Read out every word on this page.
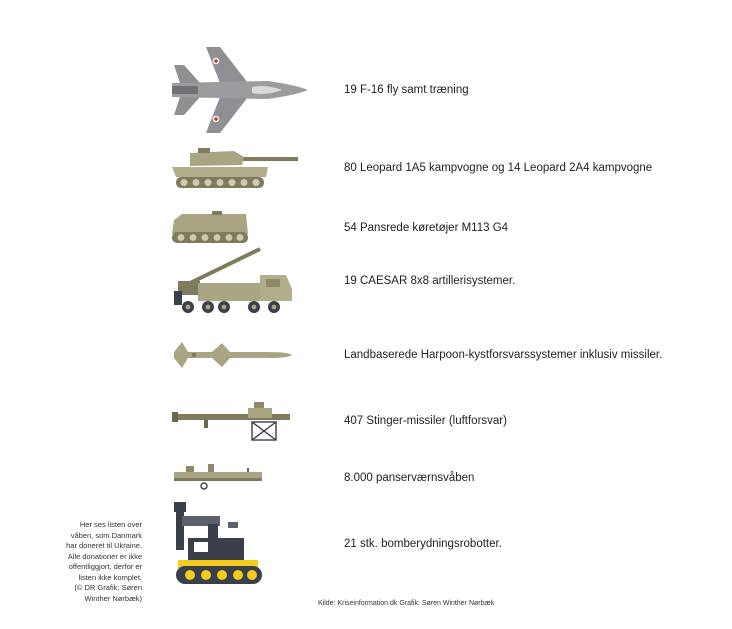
19 F-16 fly samt træning
80 Leopard 1A5 kampvogne og 14 Leopard 2A4 kampvogne
54 Pansrede køretøjer M113 G4
19 CAESAR 8x8 artillerisystemer.
Landbaserede Harpoon-kystforsvarssystemer inklusiv missiler.
407 Stinger-missiler (luftforsvar)
8.000 panserværnsvåben
21 stk. bomberydningsrobotter.
Her ses listen over
våben, som Danmark
har doneret til Ukraine.
Alle donationer er ikke
offentliggjort, derfor er
listen ikke komplet.
(© DR Grafik: Søren
Winther Nørbæk)
Kilde: Kriseinformation.dk Grafik: Søren Winther Nørbæk
